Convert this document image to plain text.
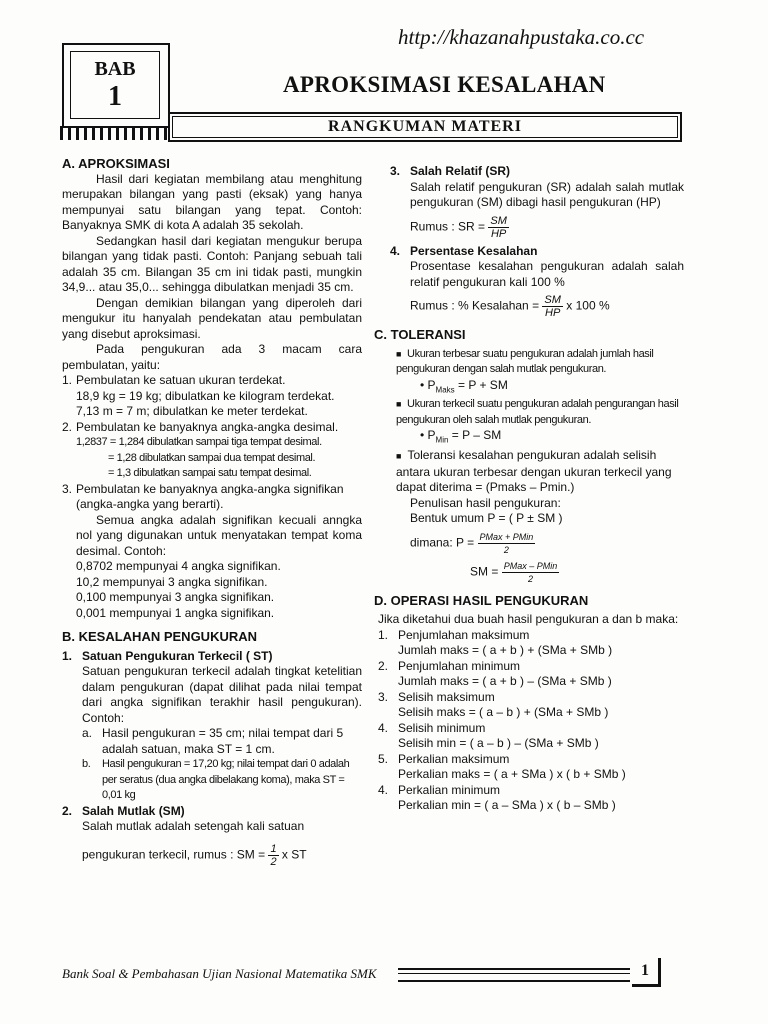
http://khazanahpustaka.co.cc
BAB
1	APROKSIMASI KESALAHAN
RANGKUMAN MATERI
A. APROKSIMASI

Hasil dari kegiatan membilang atau menghitung merupakan bilangan yang pasti (eksak) yang hanya mempunyai satu bilangan yang tepat. Contoh: Banyaknya SMK di kota A adalah 35 sekolah.

Sedangkan hasil dari kegiatan mengukur berupa bilangan yang tidak pasti. Contoh: Panjang sebuah tali adalah 35 cm. Bilangan 35 cm ini tidak pasti, mungkin 34,9... atau 35,0... sehingga dibulatkan menjadi 35 cm.

Dengan demikian bilangan yang diperoleh dari mengukur itu hanyalah pendekatan atau pembulatan yang disebut aproksimasi.

Pada pengukuran ada 3 macam cara pembulatan, yaitu:

1. Pembulatan ke satuan ukuran terdekat.
18,9 kg = 19 kg; dibulatkan ke kilogram terdekat.
7,13 m = 7 m; dibulatkan ke meter terdekat.
2. Pembulatan ke banyaknya angka-angka desimal.
1,2837 = 1,284 dibulatkan sampai tiga tempat desimal.
= 1,28 dibulatkan sampai dua tempat desimal.
= 1,3 dibulatkan sampai satu tempat desimal.
3. Pembulatan ke banyaknya angka-angka signifikan (angka-angka yang berarti).

Semua angka adalah signifikan kecuali anngka nol yang digunakan untuk menyatakan tempat koma desimal. Contoh:

0,8702 mempunyai 4 angka signifikan.
10,2 mempunyai 3 angka signifikan.
0,100 mempunyai 3 angka signifikan.
0,001 mempunyai 1 angka signifikan.
B. KESALAHAN PENGUKURAN
1. Satuan Pengukuran Terkecil ( ST)

Satuan pengukuran terkecil adalah tingkat ketelitian dalam pengukuran (dapat dilihat pada nilai tempat dari angka signifikan terakhir hasil pengukuran). Contoh:

a. Hasil pengukuran = 35 cm; nilai tempat dari 5 adalah satuan, maka ST = 1 cm.
b.	Hasil pengukuran = 17,20 kg; nilai tempat dari 0 adalah per seratus (dua angka dibelakang koma), maka ST = 0,01 kg
2. Salah Mutlak (SM)

Salah mutlak adalah setengah kali satuan

pengukuran terkecil, rumus : SM = $\frac{1}{2}$ x ST
3. Salah Relatif (SR)

Salah relatif pengukuran (SR) adalah salah mutlak pengukuran (SM) dibagi hasil pengukuran (HP)

Rumus : SR = $\frac{SM}{HP}$
4. Persentase Kesalahan

Prosentase kesalahan pengukuran adalah salah relatif pengukuran kali 100 %

Rumus : % Kesalahan = $\frac{SM}{HP}$ x 100 %
C. TOLERANSI
■ Ukuran terbesar suatu pengukuran adalah jumlah hasil pengukuran dengan salah mutlak pengukuran.
• $P_{Maks} = P$ + SM
■ Ukuran terkecil suatu pengukuran adalah pengurangan hasil pengukuran oleh salah mutlak pengukuran.
• $P_{Min} = P$ – SM
■ Toleransi kesalahan pengukuran adalah selisih antara ukuran terbesar dengan ukuran terkecil yang dapat diterima = (Pmaks – Pmin.)
Penulisan hasil pengukuran:
Bentuk umum P = ( P ± SM )
dimana: $P = \frac{\text{PMax + PMin}}{2}$
SM = $\frac{\text{PMax – PMin}}{2}$
D. OPERASI HASIL PENGUKURAN
Jika diketahui dua buah hasil pengukuran a dan b maka:
1. Penjumlahan maksimum
Jumlah maks = ( a + b ) + (SMa + SMb )
2. Penjumlahan minimum
Jumlah maks = ( a + b ) – (SMa + SMb )
3. Selisih maksimum
Selisih maks = ( a – b ) + (SMa + SMb )
4. Selisih minimum
Selisih min = ( a – b ) – (SMa + SMb )
5. Perkalian maksimum
Perkalian maks = ( a + SMa ) x ( b + SMb )
4. Perkalian minimum
Perkalian min = ( a – SMa ) x ( b – SMb )
Bank Soal & Pembahasan Ujian Nasional Matematika SMK	1
